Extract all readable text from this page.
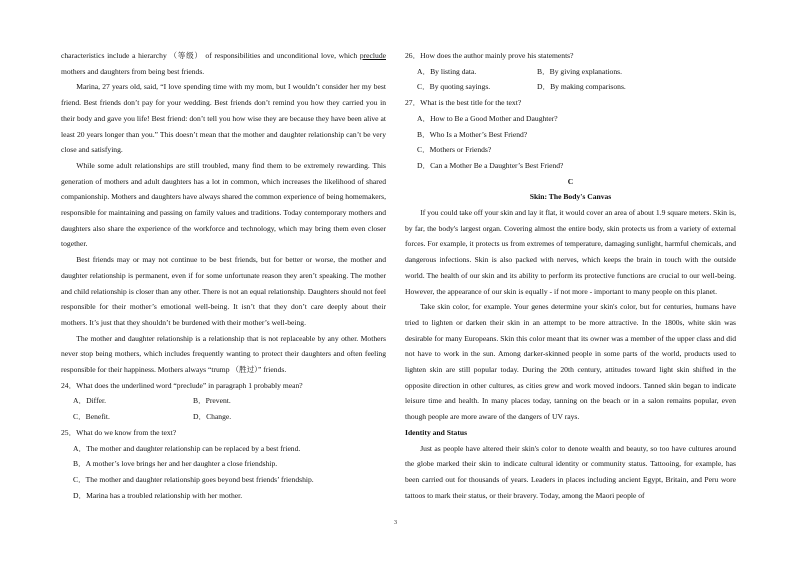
characteristics include a hierarchy （等级） of responsibilities and unconditional love, which preclude mothers and daughters from being best friends.

Marina, 27 years old, said, “I love spending time with my mom, but I wouldn’t consider her my best friend. Best friends don’t pay for your wedding. Best friends don’t remind you how they carried you in their body and gave you life! Best friend: don’t tell you how wise they are because they have been alive at least 20 years longer than you.” This doesn’t mean that the mother and daughter relationship can’t be very close and satisfying.

While some adult relationships are still troubled, many find them to be extremely rewarding. This generation of mothers and adult daughters has a lot in common, which increases the likelihood of shared companionship. Mothers and daughters have always shared the common experience of being homemakers, responsible for maintaining and passing on family values and traditions. Today contemporary mothers and daughters also share the experience of the workforce and technology, which may bring them even closer together.

Best friends may or may not continue to be best friends, but for better or worse, the mother and daughter relationship is permanent, even if for some unfortunate reason they aren’t speaking. The mother and child relationship is closer than any other. There is not an equal relationship. Daughters should not feel responsible for their mother’s emotional well-being. It isn’t that they don’t care deeply about their mothers. It’s just that they shouldn’t be burdened with their mother’s well-being.

The mother and daughter relationship is a relationship that is not replaceable by any other. Mothers never stop being mothers, which includes frequently wanting to protect their daughters and often feeling responsible for their happiness. Mothers always “trump （胜过）” friends.

24．What does the underlined word “preclude” in paragraph 1 probably mean?

A．Differ.	B．Prevent.
C．Benefit.	D．Change.

25．What do we know from the text?

A．The mother and daughter relationship can be replaced by a best friend.
B．A mother’s love brings her and her daughter a close friendship.
C．The mother and daughter relationship goes beyond best friends’ friendship.
D．Marina has a troubled relationship with her mother.

26．How does the author mainly prove his statements?

A．By listing data.	B．By giving explanations.
C．By quoting sayings.	D．By making comparisons.

27．What is the best title for the text?

A．How to Be a Good Mother and Daughter?
B．Who Is a Mother’s Best Friend?
C．Mothers or Friends?
D．Can a Mother Be a Daughter’s Best Friend?

C

Skin: The Body's Canvas

If you could take off your skin and lay it flat, it would cover an area of about 1.9 square meters. Skin is, by far, the body's largest organ. Covering almost the entire body, skin protects us from a variety of external forces. For example, it protects us from extremes of temperature, damaging sunlight, harmful chemicals, and dangerous infections. Skin is also packed with nerves, which keeps the brain in touch with the outside world. The health of our skin and its ability to perform its protective functions are crucial to our well-being. However, the appearance of our skin is equally - if not more - important to many people on this planet.

Take skin color, for example. Your genes determine your skin's color, but for centuries, humans have tried to lighten or darken their skin in an attempt to be more attractive. In the 1800s, white skin was desirable for many Europeans. Skin this color meant that its owner was a member of the upper class and did not have to work in the sun. Among darker-skinned people in some parts of the world, products used to lighten skin are still popular today. During the 20th century, attitudes toward light skin shifted in the opposite direction in other cultures, as cities grew and work moved indoors. Tanned skin began to indicate leisure time and health. In many places today, tanning on the beach or in a salon remains popular, even though people are more aware of the dangers of UV rays.

Identity and Status

Just as people have altered their skin's color to denote wealth and beauty, so too have cultures around the globe marked their skin to indicate cultural identity or community status. Tattooing, for example, has been carried out for thousands of years. Leaders in places including ancient Egypt, Britain, and Peru wore tattoos to mark their status, or their bravery. Today, among the Maori people of

3
